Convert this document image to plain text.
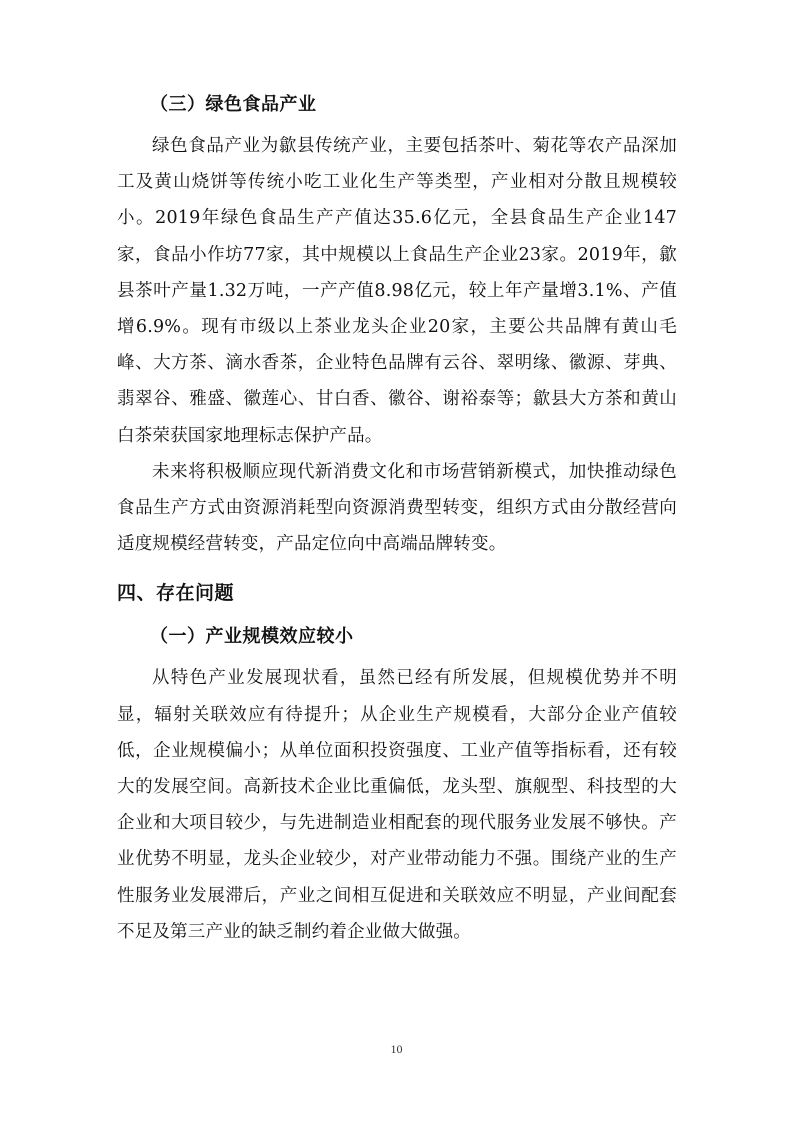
（三）绿色食品产业

绿色食品产业为歙县传统产业，主要包括茶叶、菊花等农产品深加工及黄山烧饼等传统小吃工业化生产等类型，产业相对分散且规模较小。2019年绿色食品生产产值达35.6亿元，全县食品生产企业147家，食品小作坊77家，其中规模以上食品生产企业23家。2019年，歙县茶叶产量1.32万吨，一产产值8.98亿元，较上年产量增3.1%、产值增6.9%。现有市级以上茶业龙头企业20家，主要公共品牌有黄山毛峰、大方茶、滴水香茶，企业特色品牌有云谷、翠明缘、徽源、芽典、翡翠谷、雅盛、徽莲心、甘白香、徽谷、谢裕泰等；歙县大方茶和黄山白茶荣获国家地理标志保护产品。

未来将积极顺应现代新消费文化和市场营销新模式，加快推动绿色食品生产方式由资源消耗型向资源消费型转变，组织方式由分散经营向适度规模经营转变，产品定位向中高端品牌转变。

四、存在问题
（一）产业规模效应较小

从特色产业发展现状看，虽然已经有所发展，但规模优势并不明显，辐射关联效应有待提升；从企业生产规模看，大部分企业产值较低，企业规模偏小；从单位面积投资强度、工业产值等指标看，还有较大的发展空间。高新技术企业比重偏低，龙头型、旗舰型、科技型的大企业和大项目较少，与先进制造业相配套的现代服务业发展不够快。产业优势不明显，龙头企业较少，对产业带动能力不强。围绕产业的生产性服务业发展滞后，产业之间相互促进和关联效应不明显，产业间配套不足及第三产业的缺乏制约着企业做大做强。

10
